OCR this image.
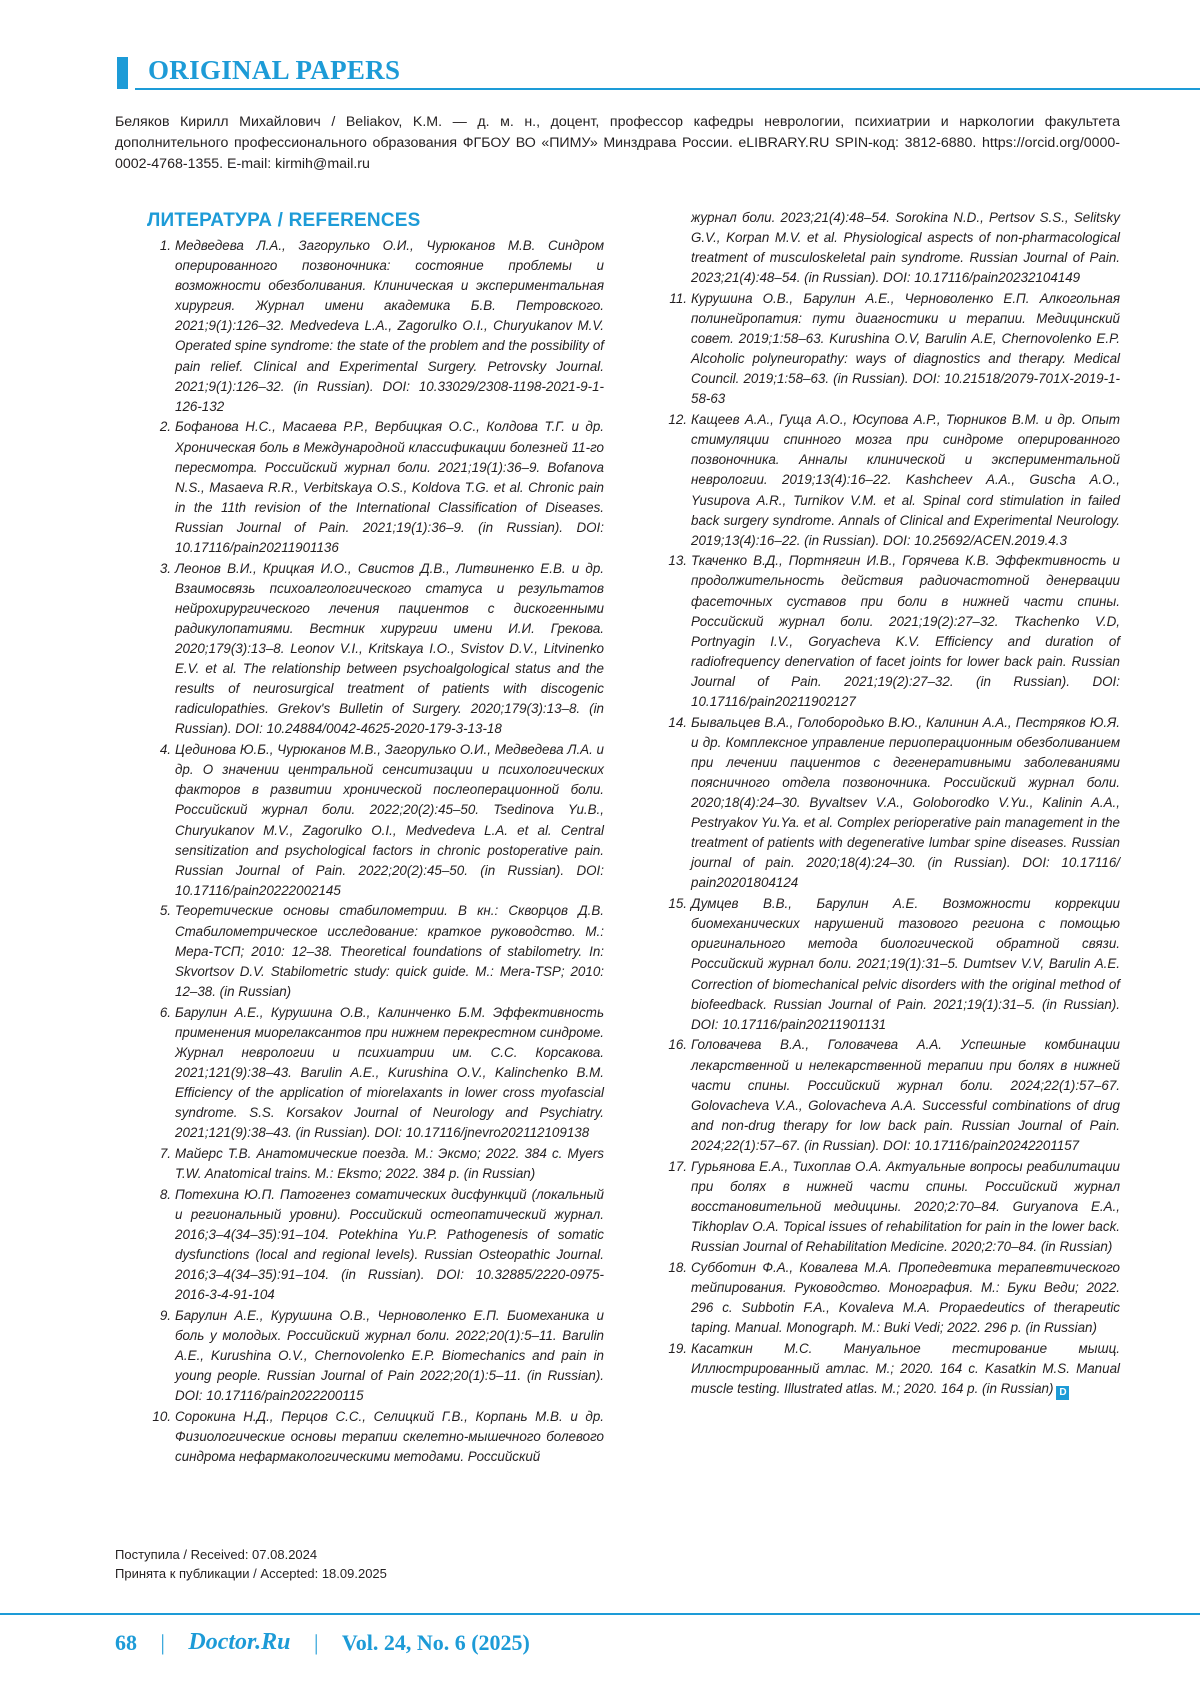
ORIGINAL PAPERS
Беляков Кирилл Михайлович / Beliakov, K.M. — д. м. н., доцент, профессор кафедры неврологии, психиатрии и наркологии факультета дополнительного профессионального образования ФГБОУ ВО «ПИМУ» Минздрава России. eLIBRARY.RU SPIN-код: 3812-6880. https://orcid.org/0000-0002-4768-1355. E-mail: kirmih@mail.ru
ЛИТЕРАТУРА / REFERENCES
1. Медведева Л.А., Загорулько О.И., Чурюканов М.В. Синдром оперированного позвоночника: состояние проблемы и возможности обезболивания. Клиническая и экспериментальная хирургия. Журнал имени академика Б.В. Петровского. 2021;9(1):126–32. Medvedeva L.A., Zagorulko O.I., Churyukanov M.V. Operated spine syndrome: the state of the problem and the possibility of pain relief. Clinical and Experimental Surgery. Petrovsky Journal. 2021;9(1):126–32. (in Russian). DOI: 10.33029/2308-1198-2021-9-1-126-132
2. Бофанова Н.С., Масаева Р.Р., Вербицкая О.С., Колдова Т.Г. и др. Хроническая боль в Международной классификации болезней 11-го пересмотра. Российский журнал боли. 2021;19(1):36–9. Bofanova N.S., Masaeva R.R., Verbitskaya O.S., Koldova T.G. et al. Chronic pain in the 11th revision of the International Classification of Diseases. Russian Journal of Pain. 2021;19(1):36–9. (in Russian). DOI: 10.17116/pain20211901136
3. Леонов В.И., Крицкая И.О., Свистов Д.В., Литвиненко Е.В. и др. Взаимосвязь психоалгологического статуса и результатов нейрохирургического лечения пациентов с дискогенными радикулопатиями. Вестник хирургии имени И.И. Грекова. 2020;179(3):13–8. Leonov V.I., Kritskaya I.O., Svistov D.V., Litvinenko E.V. et al. The relationship between psychoalgological status and the results of neurosurgical treatment of patients with discogenic radiculopathies. Grekov's Bulletin of Surgery. 2020;179(3):13–8. (in Russian). DOI: 10.24884/0042-4625-2020-179-3-13-18
4. Цединова Ю.Б., Чурюканов М.В., Загорулько О.И., Медведева Л.А. и др. О значении центральной сенситизации и психологических факторов в развитии хронической послеоперационной боли. Российский журнал боли. 2022;20(2):45–50. Tsedinova Yu.B., Churyukanov M.V., Zagorulko O.I., Medvedeva L.A. et al. Central sensitization and psychological factors in chronic postoperative pain. Russian Journal of Pain. 2022;20(2):45–50. (in Russian). DOI: 10.17116/pain20222002145
5. Теоретические основы стабилометрии. В кн.: Скворцов Д.В. Стабилометрическое исследование: краткое руководство. М.: Мера-ТСП; 2010: 12–38. Theoretical foundations of stabilometry. In: Skvortsov D.V. Stabilometric study: quick guide. M.: Mera-TSP; 2010: 12–38. (in Russian)
6. Барулин А.Е., Курушина О.В., Калинченко Б.М. Эффективность применения миорелаксантов при нижнем перекрестном синдроме. Журнал неврологии и психиатрии им. С.С. Корсакова. 2021;121(9):38–43. Barulin A.E., Kurushina O.V., Kalinchenko B.M. Efficiency of the application of miorelaxants in lower cross myofascial syndrome. S.S. Korsakov Journal of Neurology and Psychiatry. 2021;121(9):38–43. (in Russian). DOI: 10.17116/jnevro202112109138
7. Майерс Т.В. Анатомические поезда. М.: Эксмо; 2022. 384 с. Myers T.W. Anatomical trains. M.: Eksmo; 2022. 384 p. (in Russian)
8. Потехина Ю.П. Патогенез соматических дисфункций (локальный и региональный уровни). Российский остеопатический журнал. 2016;3–4(34–35):91–104. Potekhina Yu.P. Pathogenesis of somatic dysfunctions (local and regional levels). Russian Osteopathic Journal. 2016;3–4(34–35):91–104. (in Russian). DOI: 10.32885/2220-0975-2016-3-4-91-104
9. Барулин А.Е., Курушина О.В., Черноволенко Е.П. Биомеханика и боль у молодых. Российский журнал боли. 2022;20(1):5–11. Barulin A.E., Kurushina O.V., Chernovolenko E.P. Biomechanics and pain in young people. Russian Journal of Pain 2022;20(1):5–11. (in Russian). DOI: 10.17116/pain2022200115
10. Сорокина Н.Д., Перцов С.С., Селицкий Г.В., Корпань М.В. и др. Физиологические основы терапии скелетно-мышечного болевого синдрома нефармакологическими методами. Российский
журнал боли. 2023;21(4):48–54. Sorokina N.D., Pertsov S.S., Selitsky G.V., Korpan M.V. et al. Physiological aspects of non-pharmacological treatment of musculoskeletal pain syndrome. Russian Journal of Pain. 2023;21(4):48–54. (in Russian). DOI: 10.17116/pain20232104149
11. Курушина О.В., Барулин А.Е., Черноволенко Е.П. Алкогольная полинейропатия: пути диагностики и терапии. Медицинский совет. 2019;1:58–63. Kurushina O.V, Barulin A.E, Chernovolenko E.P. Alcoholic polyneuropathy: ways of diagnostics and therapy. Medical Council. 2019;1:58–63. (in Russian). DOI: 10.21518/2079-701X-2019-1-58-63
12. Кащеев А.А., Гуща А.О., Юсупова А.Р., Тюрников В.М. и др. Опыт стимуляции спинного мозга при синдроме оперированного позвоночника. Анналы клинической и экспериментальной неврологии. 2019;13(4):16–22. Kashcheev A.A., Guscha A.O., Yusupova A.R., Turnikov V.M. et al. Spinal cord stimulation in failed back surgery syndrome. Annals of Clinical and Experimental Neurology. 2019;13(4):16–22. (in Russian). DOI: 10.25692/ACEN.2019.4.3
13. Ткаченко В.Д., Портнягин И.В., Горячева К.В. Эффективность и продолжительность действия радиочастотной денервации фасеточных суставов при боли в нижней части спины. Российский журнал боли. 2021;19(2):27–32. Tkachenko V.D, Portnyagin I.V., Goryacheva K.V. Efficiency and duration of radiofrequency denervation of facet joints for lower back pain. Russian Journal of Pain. 2021;19(2):27–32. (in Russian). DOI: 10.17116/pain20211902127
14. Бывальцев В.А., Голобородько В.Ю., Калинин А.А., Пестряков Ю.Я. и др. Комплексное управление периоперационным обезболиванием при лечении пациентов с дегенеративными заболеваниями поясничного отдела позвоночника. Российский журнал боли. 2020;18(4):24–30. Byvaltsev V.A., Goloborodko V.Yu., Kalinin A.A., Pestryakov Yu.Ya. et al. Complex perioperative pain management in the treatment of patients with degenerative lumbar spine diseases. Russian journal of pain. 2020;18(4):24–30. (in Russian). DOI: 10.17116/ pain20201804124
15. Думцев В.В., Барулин А.Е. Возможности коррекции биомеханических нарушений тазового региона с помощью оригинального метода биологической обратной связи. Российский журнал боли. 2021;19(1):31–5. Dumtsev V.V, Barulin A.E. Correction of biomechanical pelvic disorders with the original method of biofeedback. Russian Journal of Pain. 2021;19(1):31–5. (in Russian). DOI: 10.17116/pain20211901131
16. Головачева В.А., Головачева А.А. Успешные комбинации лекарственной и нелекарственной терапии при болях в нижней части спины. Российский журнал боли. 2024;22(1):57–67. Golovacheva V.A., Golovacheva A.A. Successful combinations of drug and non-drug therapy for low back pain. Russian Journal of Pain. 2024;22(1):57–67. (in Russian). DOI: 10.17116/pain20242201157
17. Гурьянова Е.А., Тихоплав О.А. Актуальные вопросы реабилитации при болях в нижней части спины. Российский журнал восстановительной медицины. 2020;2:70–84. Guryanova E.A., Tikhoplav O.A. Topical issues of rehabilitation for pain in the lower back. Russian Journal of Rehabilitation Medicine. 2020;2:70–84. (in Russian)
18. Субботин Ф.А., Ковалева М.А. Пропедевтика терапевтического тейпирования. Руководство. Монография. М.: Буки Веди; 2022. 296 с. Subbotin F.A., Kovaleva M.A. Propaedeutics of therapeutic taping. Manual. Monograph. M.: Buki Vedi; 2022. 296 p. (in Russian)
19. Касаткин М.С. Мануальное тестирование мышц. Иллюстрированный атлас. М.; 2020. 164 с. Kasatkin M.S. Manual muscle testing. Illustrated atlas. M.; 2020. 164 p. (in Russian) D
Поступила / Received: 07.08.2024
Принята к публикации / Accepted: 18.09.2025
68 | Doctor.Ru | Vol. 24, No. 6 (2025)
